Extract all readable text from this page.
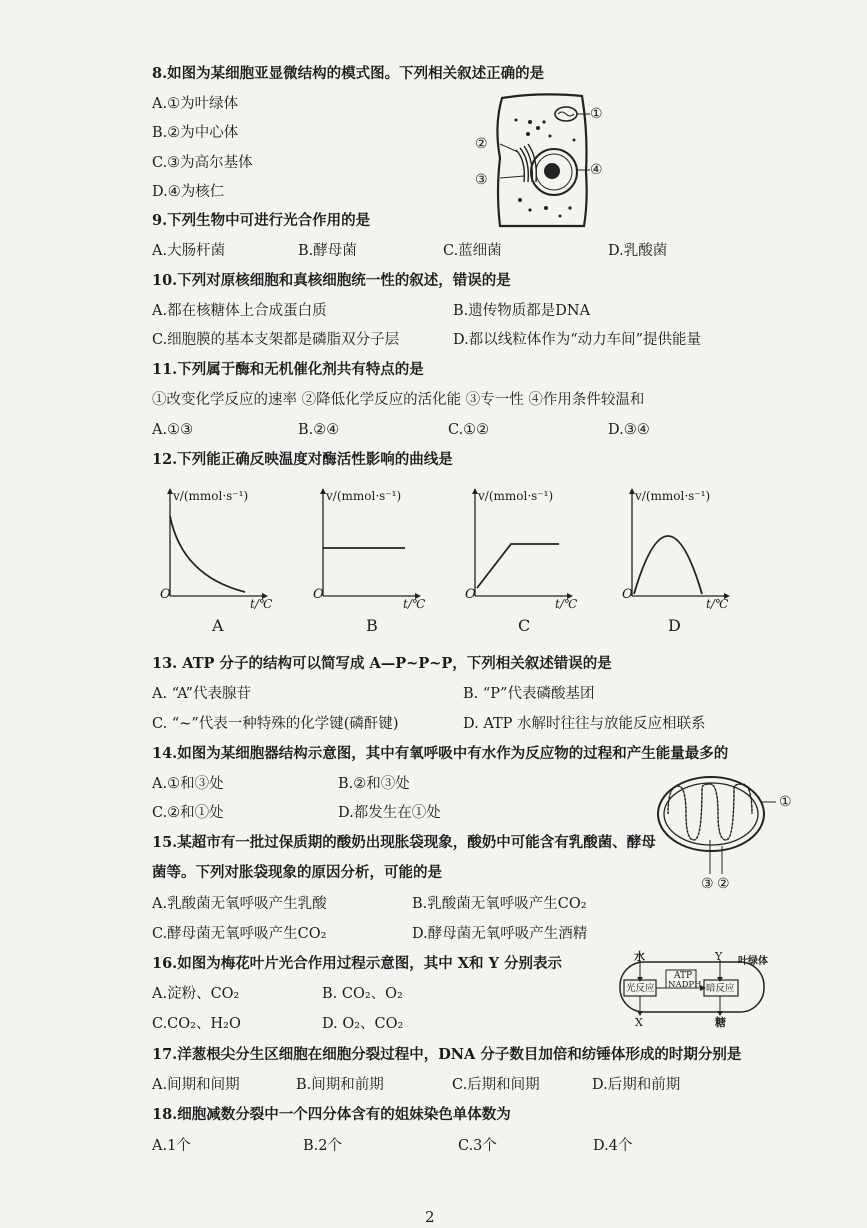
8.如图为某细胞亚显微结构的模式图。下列相关叙述正确的是
A.①为叶绿体
B.②为中心体
C.③为高尔基体
D.④为核仁
①
②
③
④
9.下列生物中可进行光合作用的是
A.大肠杆菌	B.酵母菌	C.蓝细菌	D.乳酸菌
10.下列对原核细胞和真核细胞统一性的叙述，错误的是
A.都在核糖体上合成蛋白质	B.遗传物质都是DNA
C.细胞膜的基本支架都是磷脂双分子层	D.都以线粒体作为“动力车间”提供能量
11.下列属于酶和无机催化剂共有特点的是
①改变化学反应的速率 ②降低化学反应的活化能 ③专一性 ④作用条件较温和
A.①③	B.②④	C.①②	D.③④
12.下列能正确反映温度对酶活性影响的曲线是
v/(mmol·s⁻¹)
O
t/℃
A
v/(mmol·s⁻¹)
O
t/℃
B
v/(mmol·s⁻¹)
O
t/℃
C
v/(mmol·s⁻¹)
O
t/℃
D
13. ATP 分子的结构可以简写成 A—P~P~P，下列相关叙述错误的是
A. “A”代表腺苷	B. “P”代表磷酸基团
C. “~”代表一种特殊的化学键(磷酐键)	D. ATP 水解时往往与放能反应相联系
14.如图为某细胞器结构示意图，其中有氧呼吸中有水作为反应物的过程和产生能量最多的
A.①和③处	B.②和③处
C.②和①处	D.都发生在①处
①
③ ②
15.某超市有一批过保质期的酸奶出现胀袋现象，酸奶中可能含有乳酸菌、酵母
菌等。下列对胀袋现象的原因分析，可能的是
A.乳酸菌无氧呼吸产生乳酸	B.乳酸菌无氧呼吸产生CO₂
C.酵母菌无氧呼吸产生CO₂	D.酵母菌无氧呼吸产生酒精
16.如图为梅花叶片光合作用过程示意图，其中 X和 Y 分别表示
A.淀粉、CO₂	B. CO₂、O₂
C.CO₂、H₂O	D. O₂、CO₂
水	Y 叶绿体
光反应	暗反应
ATP
NADPH
X	糖
17.洋葱根尖分生区细胞在细胞分裂过程中，DNA 分子数目加倍和纺锤体形成的时期分别是
A.间期和间期	B.间期和前期	C.后期和间期	D.后期和前期
18.细胞减数分裂中一个四分体含有的姐妹染色单体数为
A.1个	B.2个	C.3个	D.4个
2
